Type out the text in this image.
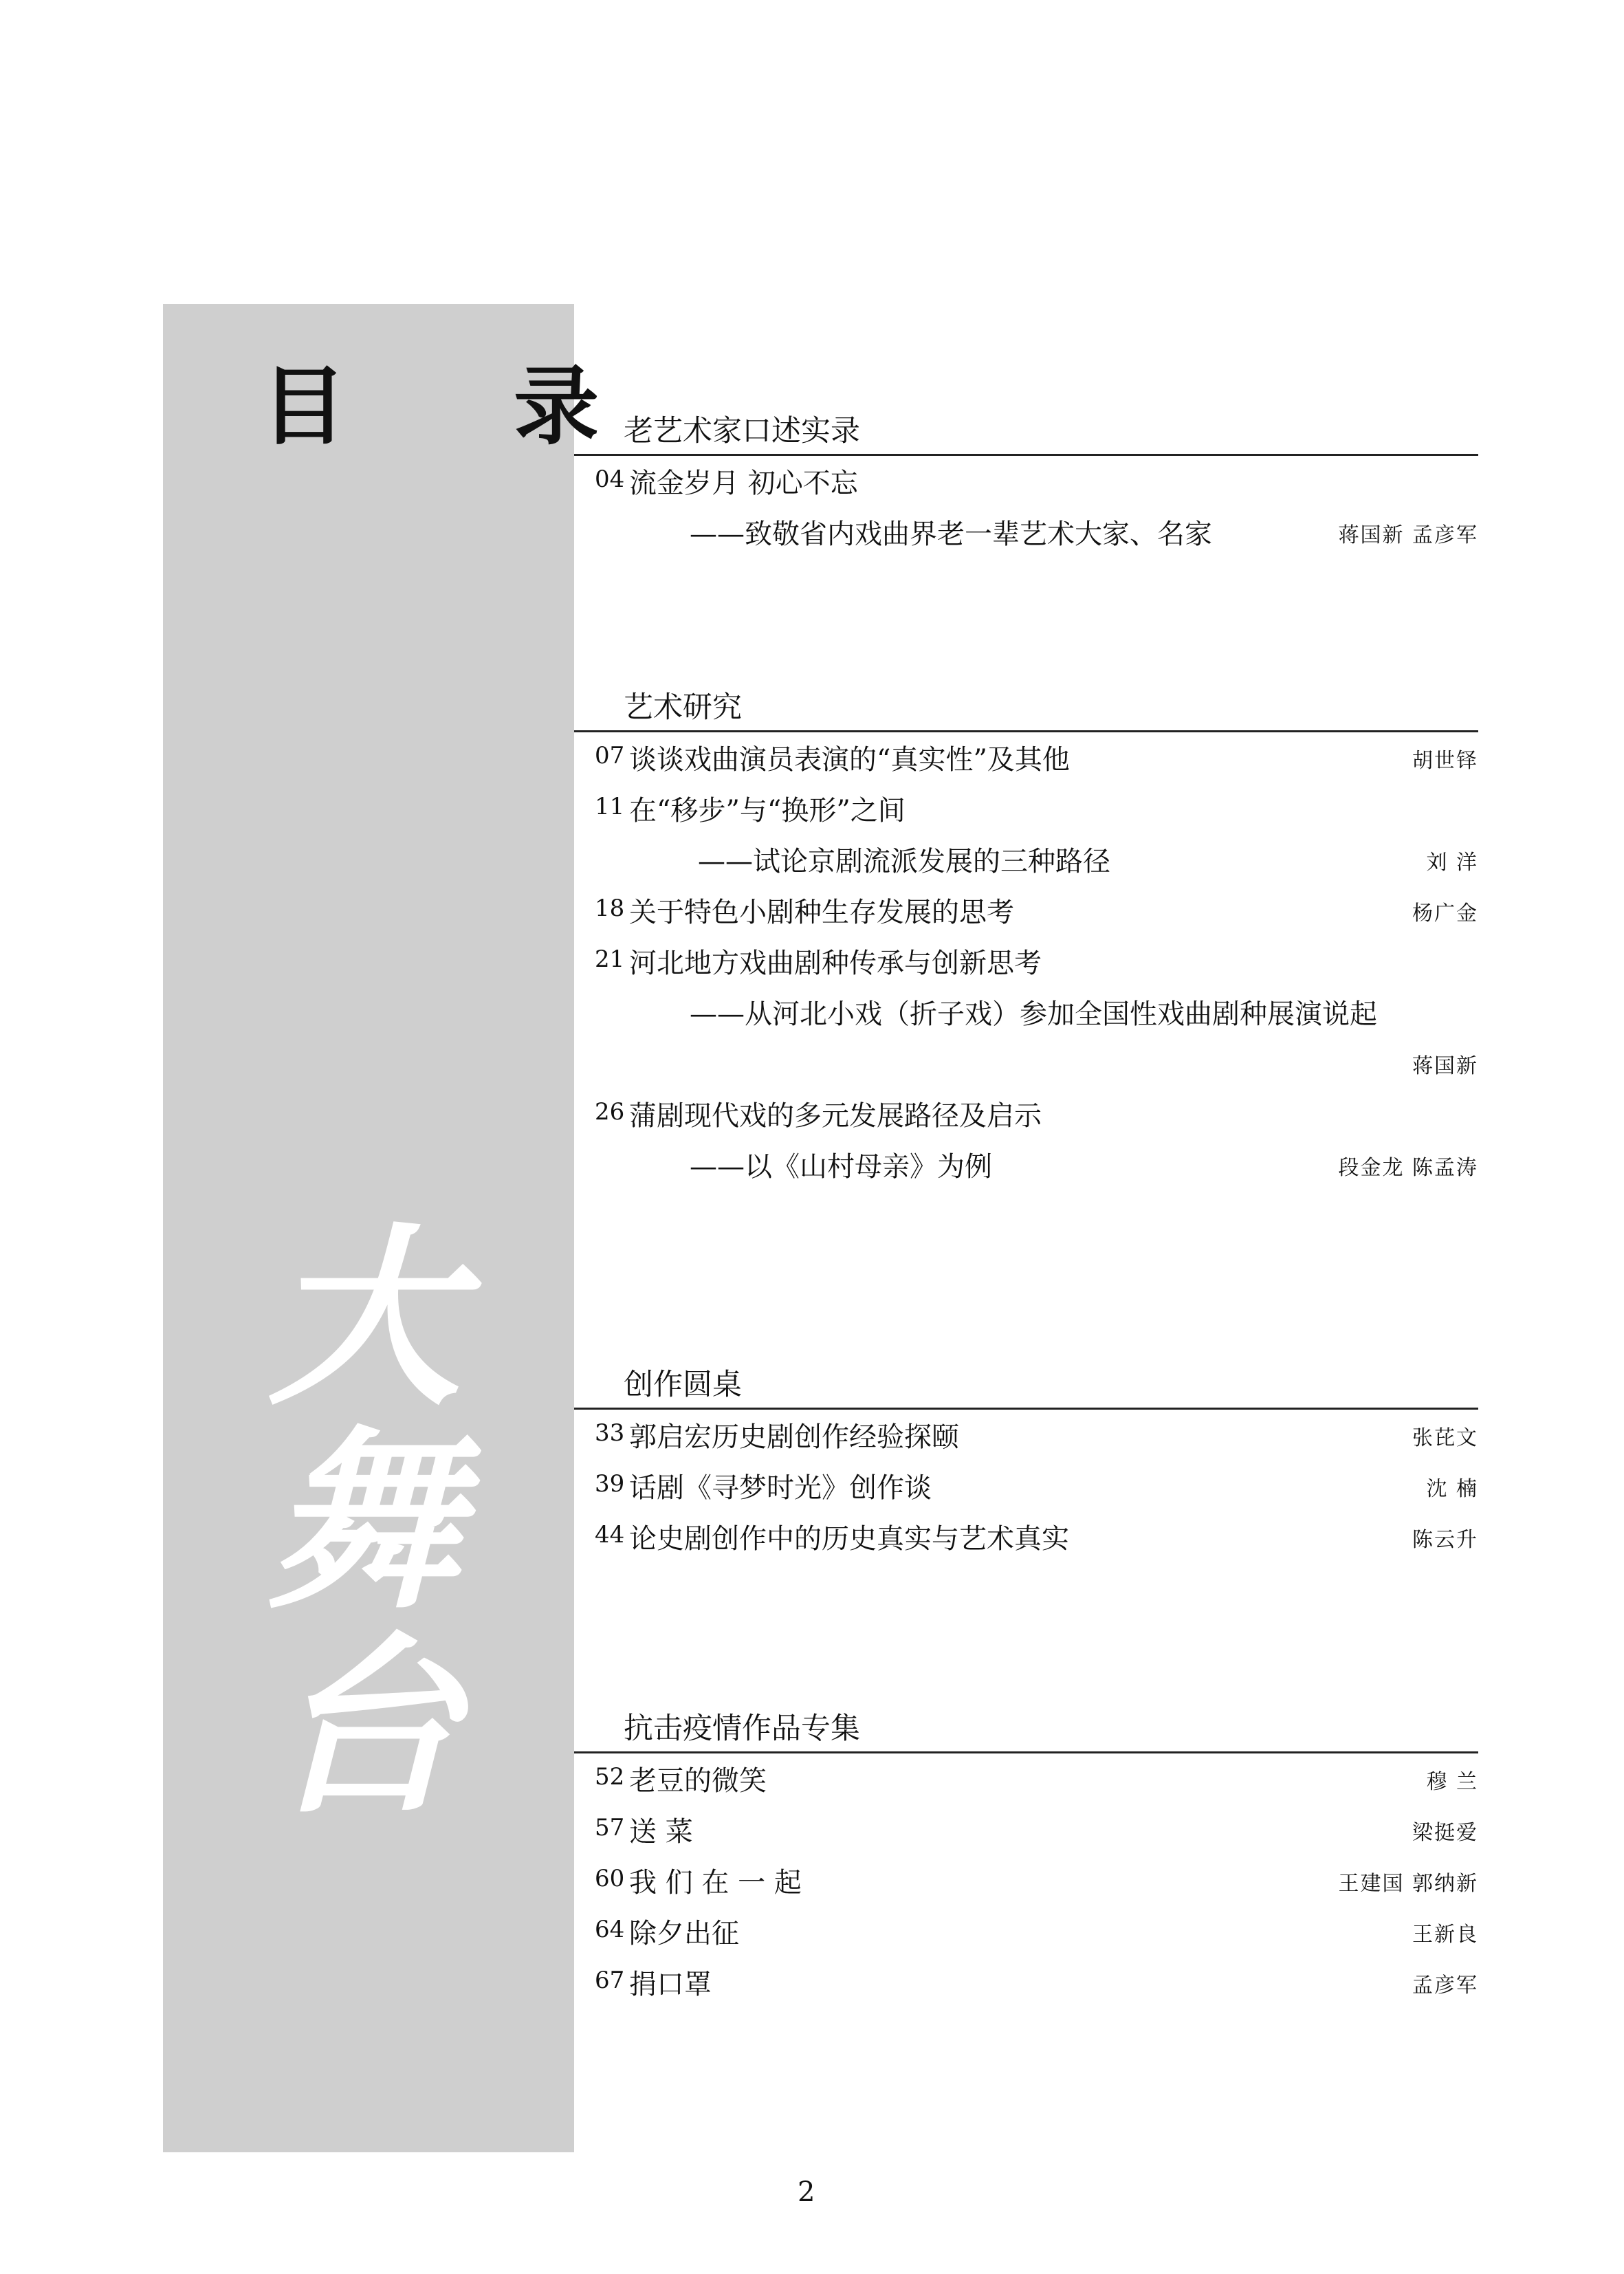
目 录
大舞台
老艺术家口述实录
04 流金岁月 初心不忘
——致敬省内戏曲界老一辈艺术大家、名家	蒋国新 孟彦军
艺术研究
07 谈谈戏曲演员表演的“真实性”及其他	胡世铎
11 在“移步”与“换形”之间
——试论京剧流派发展的三种路径	刘 洋
18 关于特色小剧种生存发展的思考	杨广金
21 河北地方戏曲剧种传承与创新思考
——从河北小戏（折子戏）参加全国性戏曲剧种展演说起
蒋国新
26 蒲剧现代戏的多元发展路径及启示
——以《山村母亲》为例	段金龙 陈孟涛
创作圆桌
33 郭启宏历史剧创作经验探颐	张芘文
39 话剧《寻梦时光》创作谈	沈 楠
44 论史剧创作中的历史真实与艺术真实	陈云升
抗击疫情作品专集
52 老豆的微笑	穆 兰
57 送 菜	梁挺爱
60 我 们 在 一 起	王建国 郭纳新
64 除夕出征	王新良
67 捐口罩	孟彦军
2
